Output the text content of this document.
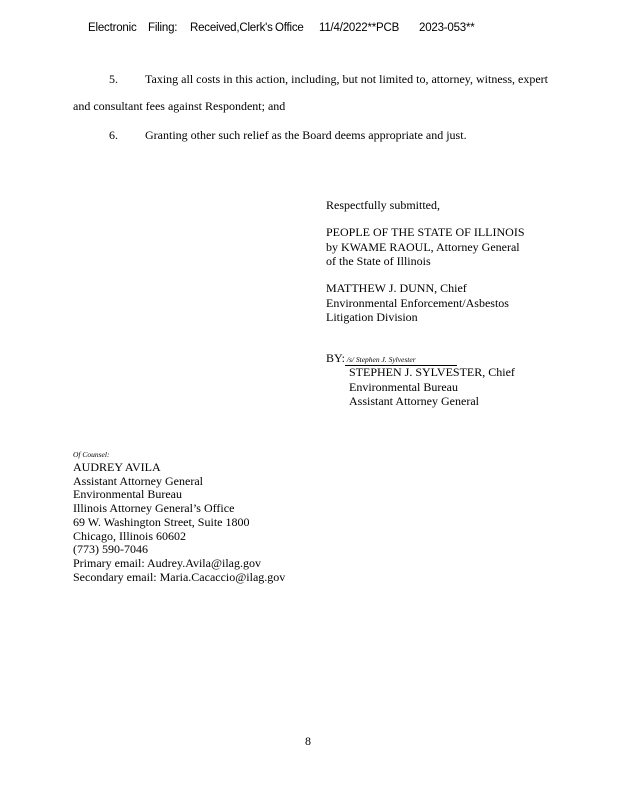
Electronic Filing: Received,Clerk's Office 11/4/2022**PCB 2023-053**
5. Taxing all costs in this action, including, but not limited to, attorney, witness, expert
and consultant fees against Respondent; and
6. Granting other such relief as the Board deems appropriate and just.
Respectfully submitted,
PEOPLE OF THE STATE OF ILLINOIS
by KWAME RAOUL, Attorney General
of the State of Illinois
MATTHEW J. DUNN, Chief
Environmental Enforcement/Asbestos
Litigation Division
BY: /s/ Stephen J. Sylvester
STEPHEN J. SYLVESTER, Chief
Environmental Bureau
Assistant Attorney General
Of Counsel:
AUDREY AVILA
Assistant Attorney General
Environmental Bureau
Illinois Attorney General’s Office
69 W. Washington Street, Suite 1800
Chicago, Illinois 60602
(773) 590-7046
Primary email: Audrey.Avila@ilag.gov
Secondary email: Maria.Cacaccio@ilag.gov
8
